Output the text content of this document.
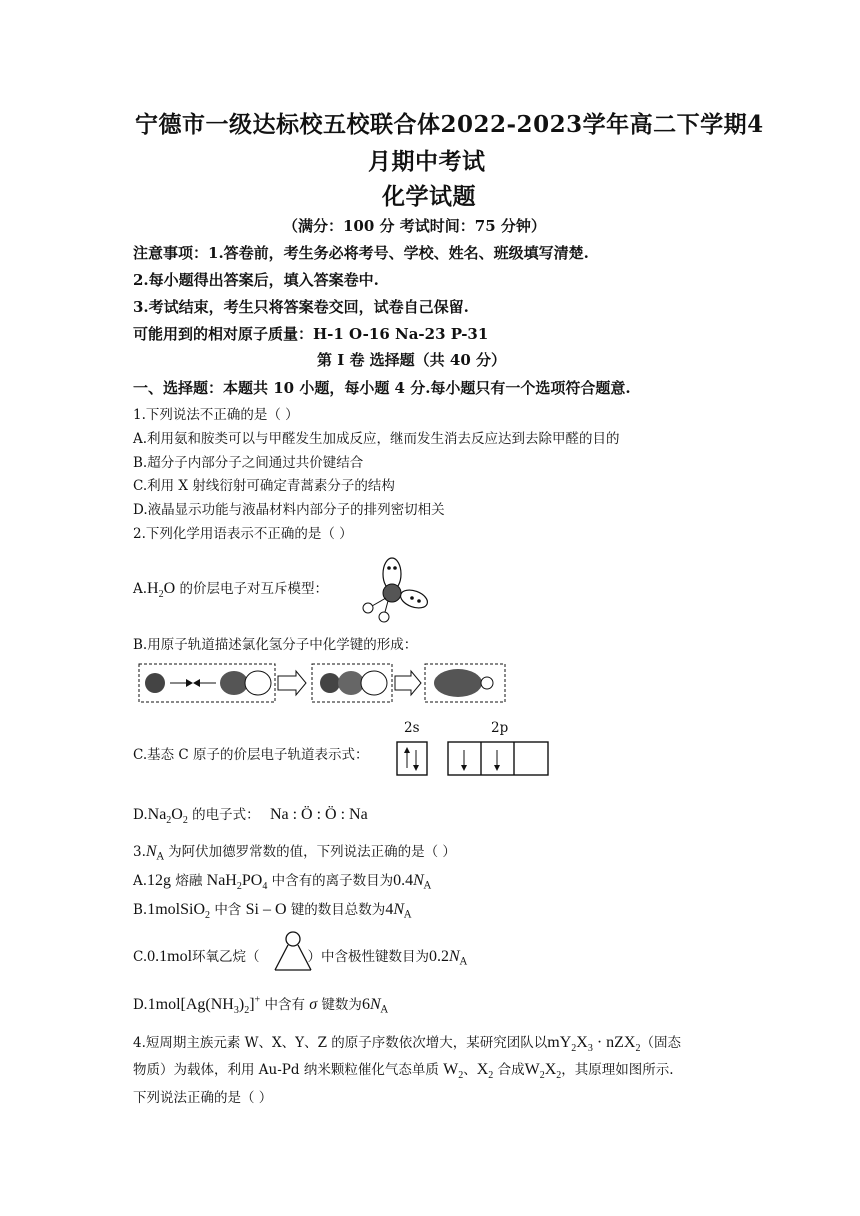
宁德市一级达标校五校联合体2022-2023学年高二下学期4
月期中考试
化学试题
（满分：100 分 考试时间：75 分钟）
注意事项：1.答卷前，考生务必将考号、学校、姓名、班级填写清楚.
2.每小题得出答案后，填入答案卷中.
3.考试结束，考生只将答案卷交回，试卷自己保留.
可能用到的相对原子质量：H-1 O-16 Na-23 P-31
第 Ⅰ 卷 选择题（共 40 分）
一、选择题：本题共 10 小题，每小题 4 分.每小题只有一个选项符合题意.
1.下列说法不正确的是（ ）
A.利用氨和胺类可以与甲醛发生加成反应，继而发生消去反应达到去除甲醛的目的
B.超分子内部分子之间通过共价键结合
C.利用 X 射线衍射可确定青蒿素分子的结构
D.液晶显示功能与液晶材料内部分子的排列密切相关
2.下列化学用语表示不正确的是（ ）
$A.H_2O$ 的价层电子对互斥模型：
B.用原子轨道描述氯化氢分子中化学键的形成：
C.基态 C 原子的价层电子轨道表示式：
2s	2p
$D.Na_2O_2$ 的电子式： Na : Ö : Ö : Na
$3.N_A$ 为阿伏加德罗常数的值，下列说法正确的是（ ）
A.12g 熔融 $NaH_2PO_4$ 中含有的离子数目为$0.4N_A$
B.1molSiO$_2$ 中含 Si – O 键的数目总数为$4N_A$
C.0.1mol环氧乙烷（	）中含极性键数目为$0.2N_A$
$D.1mol[Ag(NH_3)_2]^+$ 中含有 σ 键数为$6N_A$
4.短周期主族元素 W、X、Y、Z 的原子序数依次增大，某研究团队以$mY_2X_3 \cdot nZX_2$（固态
物质）为载体，利用 Au-Pd 纳米颗粒催化气态单质 $W_2$、$X_2$ 合成$W_2X_2$，其原理如图所示.
下列说法正确的是（ ）
